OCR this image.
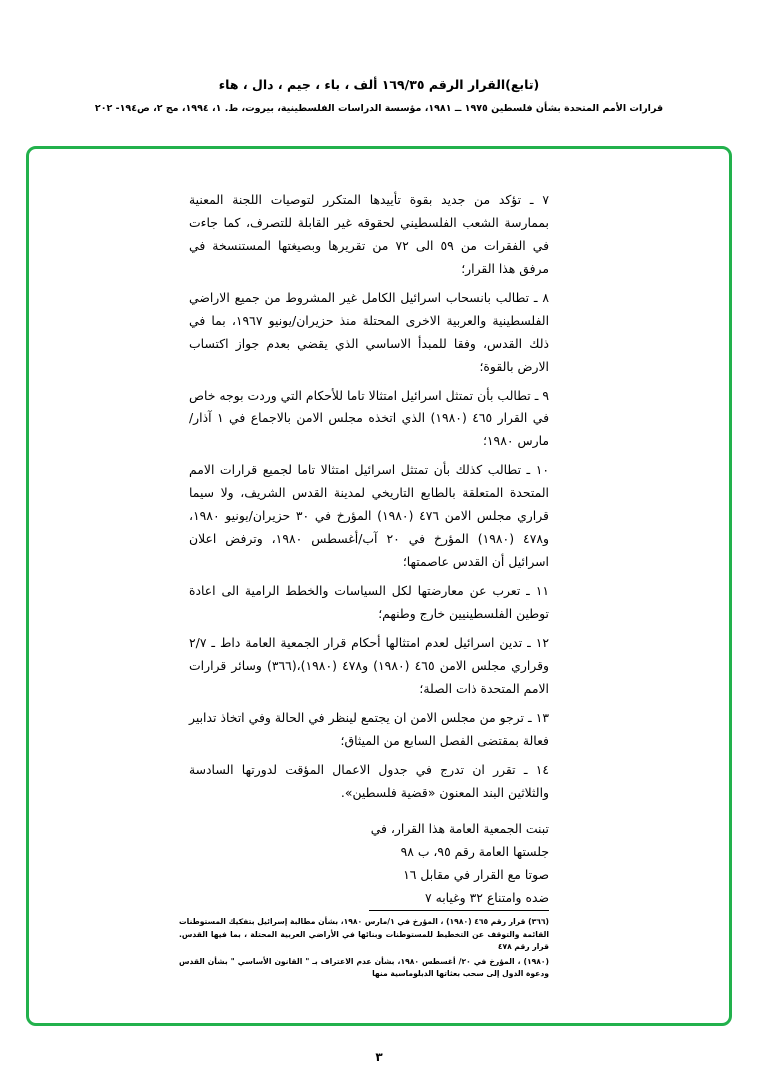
(تابع)القرار الرقم ١٦٩/٣٥ ألف ، باء ، جيم ، دال ، هاء
قرارات الأمم المتحدة بشأن فلسطين ١٩٧٥ ــ ١٩٨١، مؤسسة الدراسات الفلسطينية، بيروت، ط. ١، ١٩٩٤، مج ٢، ص١٩٤- ٢٠٢

٧ ـ تؤكد من جديد بقوة تأييدها المتكرر لتوصيات اللجنة المعنية بممارسة الشعب الفلسطيني لحقوقه غير القابلة للتصرف، كما جاءت في الفقرات من ٥٩ الى ٧٢ من تقريرها وبصيغتها المستنسخة في مرفق هذا القرار؛

٨ ـ تطالب بانسحاب اسرائيل الكامل غير المشروط من جميع الاراضي الفلسطينية والعربية الاخرى المحتلة منذ حزيران/يونيو ١٩٦٧، بما في ذلك القدس، وفقا للمبدأ الاساسي الذي يقضي بعدم جواز اكتساب الارض بالقوة؛

٩ ـ تطالب بأن تمتثل اسرائيل امتثالا تاما للأحكام التي وردت بوجه خاص في القرار ٤٦٥ (١٩٨٠) الذي اتخذه مجلس الامن بالاجماع في ١ آذار/مارس ١٩٨٠؛

١٠ ـ تطالب كذلك بأن تمتثل اسرائيل امتثالا تاما لجميع قرارات الامم المتحدة المتعلقة بالطابع التاريخي لمدينة القدس الشريف، ولا سيما قراري مجلس الامن ٤٧٦ (١٩٨٠) المؤرخ في ٣٠ حزيران/يونيو ١٩٨٠، و٤٧٨ (١٩٨٠) المؤرخ في ٢٠ آب/أغسطس ١٩٨٠، وترفض اعلان اسرائيل أن القدس عاصمتها؛

١١ ـ تعرب عن معارضتها لكل السياسات والخطط الرامية الى اعادة توطين الفلسطينيين خارج وطنهم؛

١٢ ـ تدين اسرائيل لعدم امتثالها أحكام قرار الجمعية العامة داط ـ ٢/٧ وقراري مجلس الامن ٤٦٥ (١٩٨٠) و٤٧٨ (١٩٨٠)،(٣٦٦) وسائر قرارات الامم المتحدة ذات الصلة؛

١٣ ـ ترجو من مجلس الامن ان يجتمع لينظر في الحالة وفي اتخاذ تدابير فعالة بمقتضى الفصل السابع من الميثاق؛

١٤ ـ تقرر ان تدرج في جدول الاعمال المؤقت لدورتها السادسة والثلاثين البند المعنون «قضية فلسطين».

تبنت الجمعية العامة هذا القرار، في
جلستها العامة رقم ٩٥، ب ٩٨
صوتا مع القرار في مقابل ١٦
ضده وامتناع ٣٢ وغيابه ٧

(٣٦٦) قرار رقم ٤٦٥ (١٩٨٠) ، المؤرخ في ١/مارس ١٩٨٠، بشأن مطالبة إسرائيل بتفكيك المستوطنات القائمة والتوقف عن التخطيط للمستوطنات وبنائها في الأراضي العربية المحتلة ، بما فيها القدس. قرار رقم ٤٧٨

(١٩٨٠) ، المؤرخ في ٢٠/ أغسطس ١٩٨٠، بشأن عدم الاعتراف بـ " القانون الأساسي " بشأن القدس ودعوة الدول إلى سحب بعثاتها الدبلوماسية منها

٣
